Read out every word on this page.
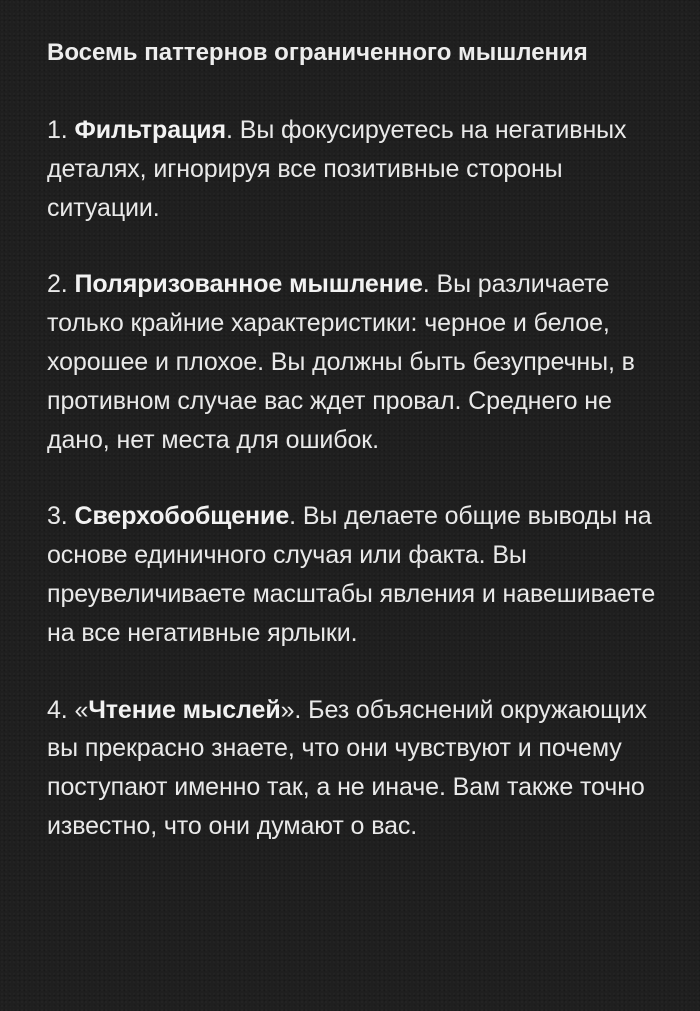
Восемь паттернов ограниченного мышления
1. Фильтрация. Вы фокусируетесь на негативных деталях, игнорируя все позитивные стороны ситуации.
2. Поляризованное мышление. Вы различаете только крайние характеристики: черное и белое, хорошее и плохое. Вы должны быть безупречны, в противном случае вас ждет провал. Среднего не дано, нет места для ошибок.
3. Сверхобобщение. Вы делаете общие выводы на основе единичного случая или факта. Вы преувеличиваете масштабы явления и навешиваете на все негативные ярлыки.
4. «Чтение мыслей». Без объяснений окружающих вы прекрасно знаете, что они чувствуют и почему поступают именно так, а не иначе. Вам также точно известно, что они думают о вас.
